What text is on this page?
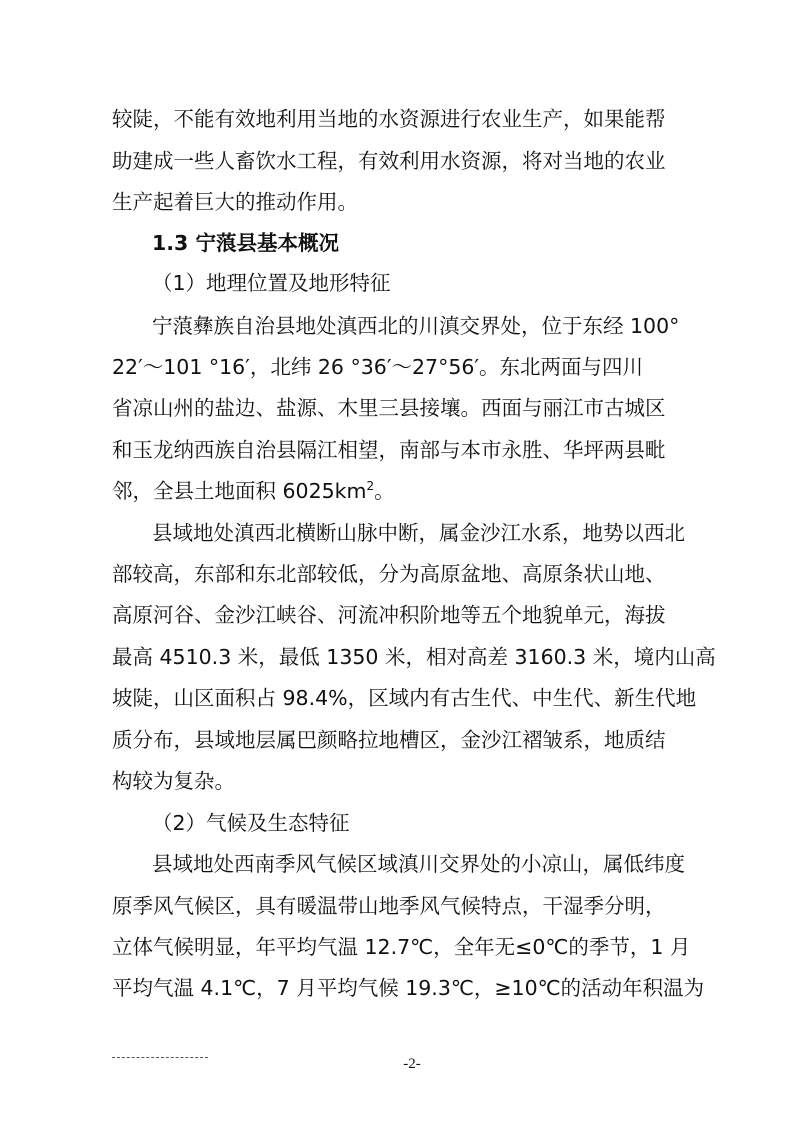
较陡，不能有效地利用当地的水资源进行农业生产，如果能帮
助建成一些人畜饮水工程，有效利用水资源，将对当地的农业
生产起着巨大的推动作用。
1.3 宁蒗县基本概况
（1）地理位置及地形特征
宁蒗彝族自治县地处滇西北的川滇交界处，位于东经 100°
22′～101 °16′，北纬 26 °36′～27°56′。东北两面与四川
省凉山州的盐边、盐源、木里三县接壤。西面与丽江市古城区
和玉龙纳西族自治县隔江相望，南部与本市永胜、华坪两县毗
邻，全县土地面积 $6025km^2$。
县域地处滇西北横断山脉中断，属金沙江水系，地势以西北
部较高，东部和东北部较低，分为高原盆地、高原条状山地、
高原河谷、金沙江峡谷、河流冲积阶地等五个地貌单元，海拔
最高 4510.3 米，最低 1350 米，相对高差 3160.3 米，境内山高
坡陡，山区面积占 98.4%，区域内有古生代、中生代、新生代地
质分布，县域地层属巴颜略拉地槽区，金沙江褶皱系，地质结
构较为复杂。
（2）气候及生态特征
县域地处西南季风气候区域滇川交界处的小凉山，属低纬度
原季风气候区，具有暖温带山地季风气候特点，干湿季分明，
立体气候明显，年平均气温 12.7℃，全年无≤0℃的季节，1 月
平均气温 4.1℃，7 月平均气候 19.3℃，≥10℃的活动年积温为
-2-
